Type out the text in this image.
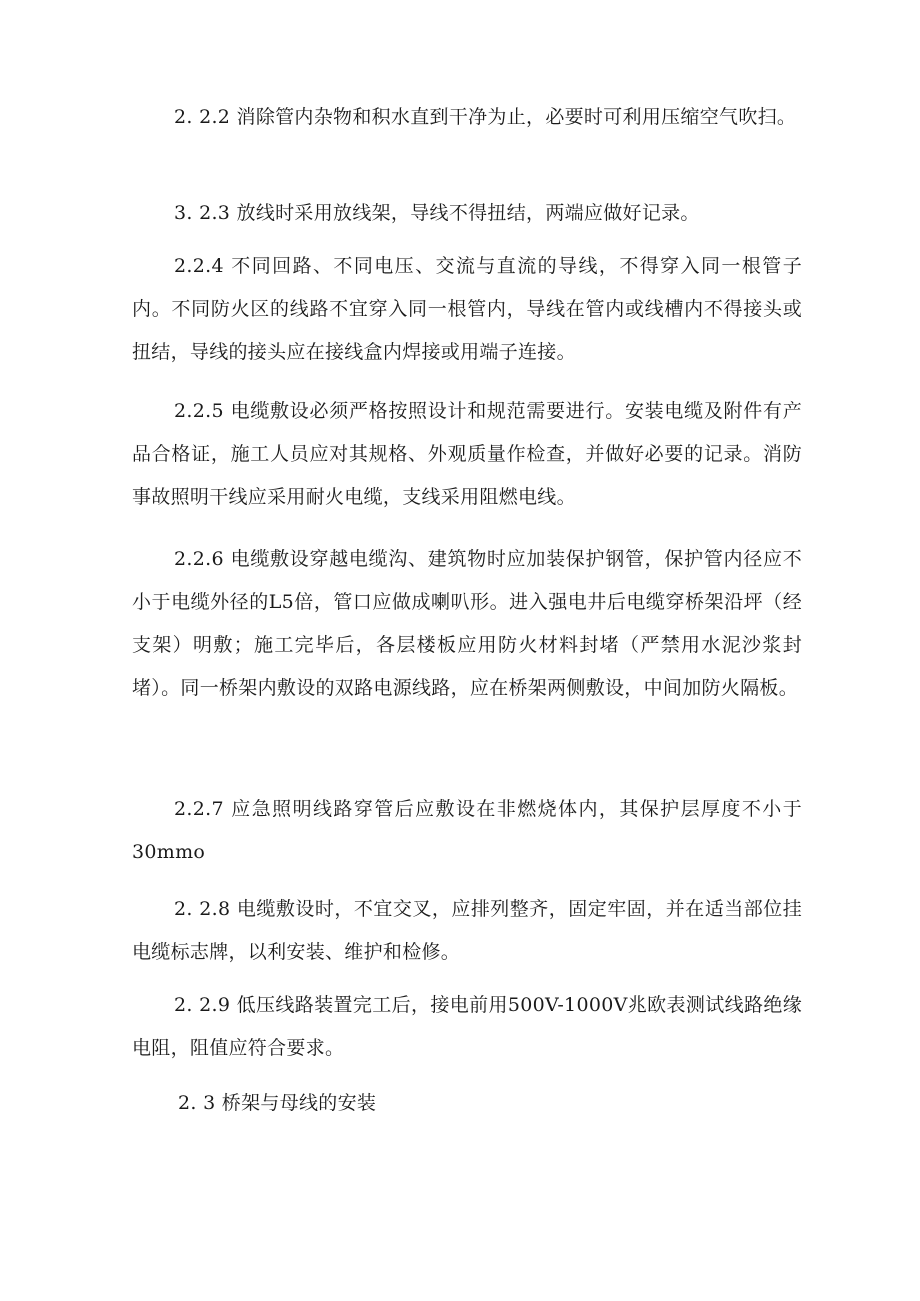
2. 2.2 消除管内杂物和积水直到干净为止，必要时可利用压缩空气吹扫。

3. 2.3 放线时采用放线架，导线不得扭结，两端应做好记录。

2.2.4 不同回路、不同电压、交流与直流的导线，不得穿入同一根管子内。不同防火区的线路不宜穿入同一根管内，导线在管内或线槽内不得接头或扭结，导线的接头应在接线盒内焊接或用端子连接。

2.2.5 电缆敷设必须严格按照设计和规范需要进行。安装电缆及附件有产品合格证，施工人员应对其规格、外观质量作检查，并做好必要的记录。消防事故照明干线应采用耐火电缆，支线采用阻燃电线。

2.2.6 电缆敷设穿越电缆沟、建筑物时应加装保护钢管，保护管内径应不小于电缆外径的L5倍，管口应做成喇叭形。进入强电井后电缆穿桥架沿坪（经支架）明敷；施工完毕后，各层楼板应用防火材料封堵（严禁用水泥沙浆封堵）。同一桥架内敷设的双路电源线路，应在桥架两侧敷设，中间加防火隔板。

2.2.7 应急照明线路穿管后应敷设在非燃烧体内，其保护层厚度不小于30mmo

2. 2.8 电缆敷设时，不宜交叉，应排列整齐，固定牢固，并在适当部位挂电缆标志牌，以利安装、维护和检修。

2. 2.9 低压线路装置完工后，接电前用500V-1000V兆欧表测试线路绝缘电阻，阻值应符合要求。

2. 3 桥架与母线的安装
